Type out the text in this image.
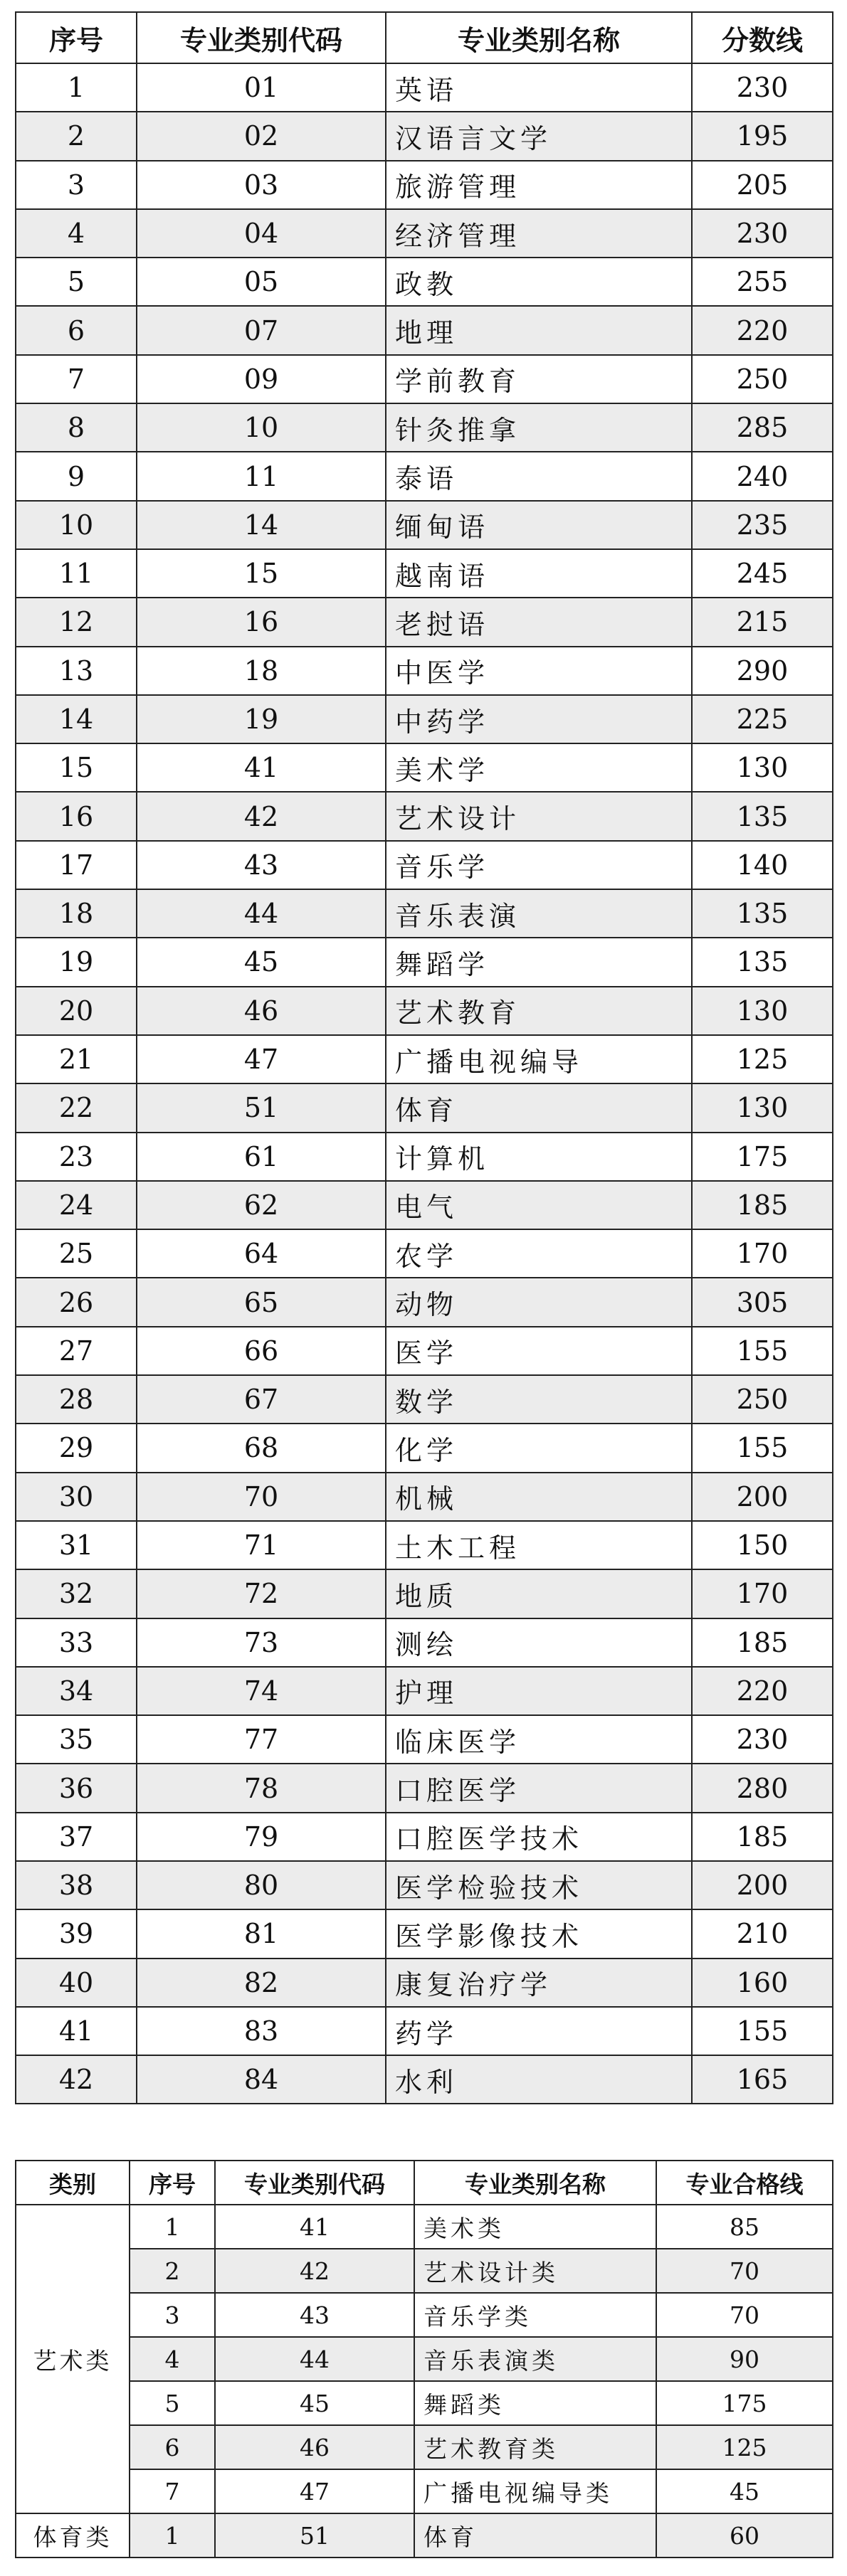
序号	专业类别代码	专业类别名称	分数线
1	01	英语	230
2	02	汉语言文学	195
3	03	旅游管理	205
4	04	经济管理	230
5	05	政教	255
6	07	地理	220
7	09	学前教育	250
8	10	针灸推拿	285
9	11	泰语	240
10	14	缅甸语	235
11	15	越南语	245
12	16	老挝语	215
13	18	中医学	290
14	19	中药学	225
15	41	美术学	130
16	42	艺术设计	135
17	43	音乐学	140
18	44	音乐表演	135
19	45	舞蹈学	135
20	46	艺术教育	130
21	47	广播电视编导	125
22	51	体育	130
23	61	计算机	175
24	62	电气	185
25	64	农学	170
26	65	动物	305
27	66	医学	155
28	67	数学	250
29	68	化学	155
30	70	机械	200
31	71	土木工程	150
32	72	地质	170
33	73	测绘	185
34	74	护理	220
35	77	临床医学	230
36	78	口腔医学	280
37	79	口腔医学技术	185
38	80	医学检验技术	200
39	81	医学影像技术	210
40	82	康复治疗学	160
41	83	药学	155
42	84	水利	165
类别	序号	专业类别代码	专业类别名称	专业合格线
艺术类	1	41	美术类	85
	2	42	艺术设计类	70
	3	43	音乐学类	70
	4	44	音乐表演类	90
	5	45	舞蹈类	175
	6	46	艺术教育类	125
	7	47	广播电视编导类	45
体育类	1	51	体育	60
